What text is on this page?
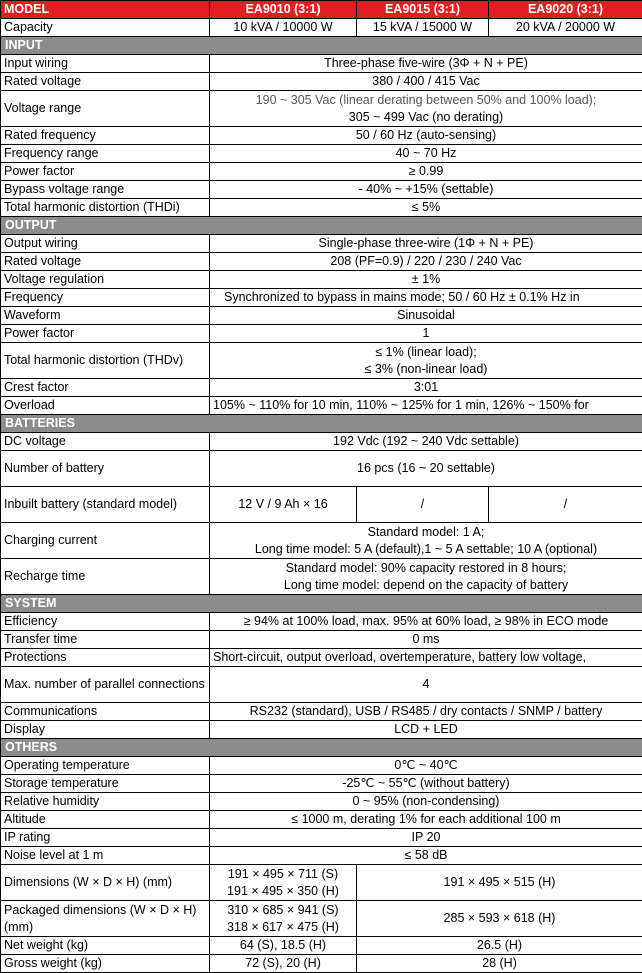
MODEL	EA9010 (3:1)	EA9015 (3:1)	EA9020 (3:1)
Capacity	10 kVA / 10000 W	15 kVA / 15000 W	20 kVA / 20000 W
INPUT			
Input wiring	Three-phase five-wire (3Φ + N + PE)		
Rated voltage	380 / 400 / 415 Vac		
Voltage range	190 ~ 305 Vac (linear derating between 50% and 100% load);
305 ~ 499 Vac (no derating)		

Rated frequency	50 / 60 Hz (auto-sensing)		
Frequency range	40 ~ 70 Hz		
Power factor	≥ 0.99		
Bypass voltage range	- 40% ~ +15% (settable)		
Total harmonic distortion (THDi)	≤ 5%		
OUTPUT			
Output wiring	Single-phase three-wire (1Φ + N + PE)		
Rated voltage	208 (PF=0.9) / 220 / 230 / 240 Vac		
Voltage regulation	± 1%		
Frequency	Synchronized to bypass in mains mode; 50 / 60 Hz ± 0.1% Hz in		
Waveform	Sinusoidal		
Power factor	1		
Total harmonic distortion (THDv)	≤ 1% (linear load);
≤ 3% (non-linear load)		

Crest factor	3:01		
Overload	105% ~ 110% for 10 min, 110% ~ 125% for 1 min, 126% ~ 150% for		
BATTERIES			
DC voltage	192 Vdc (192 ~ 240 Vdc settable)		
Number of battery	16 pcs (16 ~ 20 settable)		
Inbuilt battery (standard model)	12 V / 9 Ah × 16	/	/
Charging current	Standard model: 1 A;
Long time model: 5 A (default),1 ~ 5 A settable; 10 A (optional)		

Recharge time	Standard model: 90% capacity restored in 8 hours;
Long time model: depend on the capacity of battery		

SYSTEM			
Efficiency	≥ 94% at 100% load, max. 95% at 60% load, ≥ 98% in ECO mode		
Transfer time	0 ms		
Protections	Short-circuit, output overload, overtemperature, battery low voltage,		
Max. number of parallel connections	4		
Communications	RS232 (standard), USB / RS485 / dry contacts / SNMP / battery		
Display	LCD + LED		
OTHERS			
Operating temperature	0℃ ~ 40℃		
Storage temperature	-25℃ ~ 55℃ (without battery)		
Relative humidity	0 ~ 95% (non-condensing)		
Altitude	≤ 1000 m, derating 1% for each additional 100 m		
IP rating	IP 20		
Noise level at 1 m	≤ 58 dB		
Dimensions (W × D × H) (mm)	191 × 495 × 711 (S)
191 × 495 × 350 (H)	191 × 495 × 515 (H)	
Packaged dimensions (W × D × H) (mm)	310 × 685 × 941 (S)
318 × 617 × 475 (H)	285 × 593 × 618 (H)	
Net weight (kg)	64 (S), 18.5 (H)	26.5 (H)	
Gross weight (kg)	72 (S), 20 (H)	28 (H)	
